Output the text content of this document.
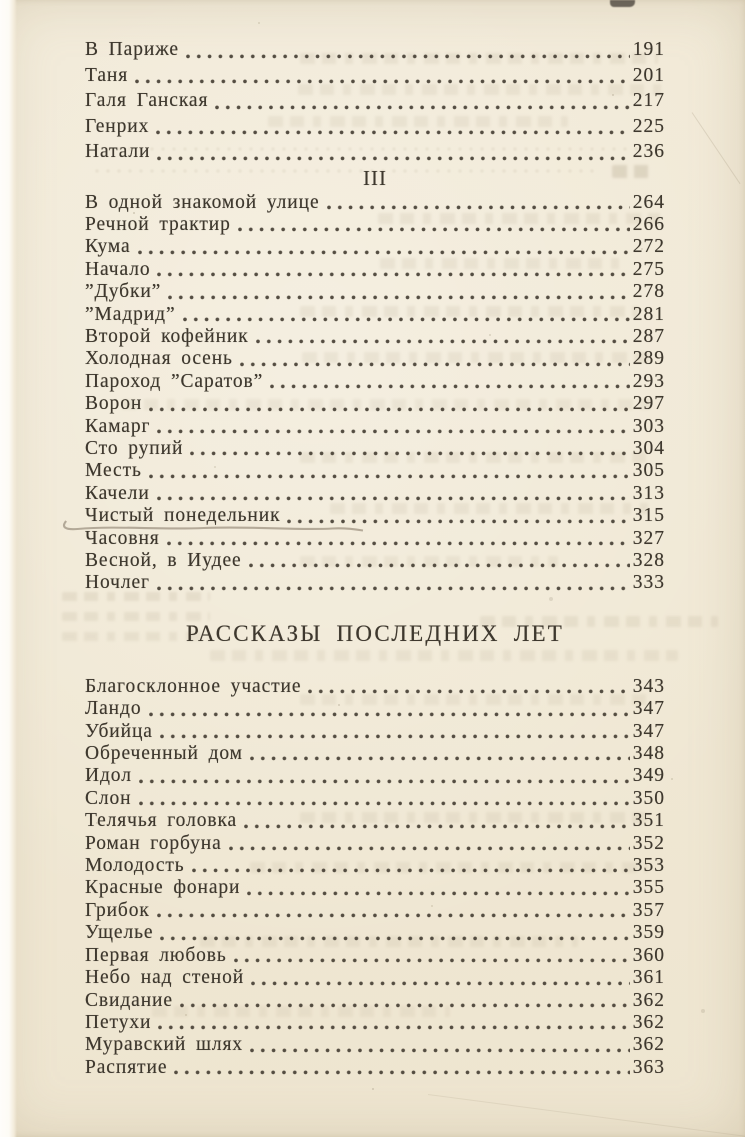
В Париже	191
Таня	201
Галя Ганская	217
Генрих	225
Натали	236
III
В одной знакомой улице	264
Речной трактир	266
Кума	272
Начало	275
”Дубки”	278
”Мадрид”	281
Второй кофейник	287
Холодная осень	289
Пароход ”Саратов”	293
Ворон	297
Камарг	303
Сто рупий	304
Месть	305
Качели	313
Чистый понедельник	315
Часовня	327
Весной, в Иудее	328
Ночлег	333
РАССКАЗЫ ПОСЛЕДНИХ ЛЕТ
Благосклонное участие	343
Ландо	347
Убийца	347
Обреченный дом	348
Идол	349
Слон	350
Телячья головка	351
Роман горбуна	352
Молодость	353
Красные фонари	355
Грибок	357
Ущелье	359
Первая любовь	360
Небо над стеной	361
Свидание	362
Петухи	362
Муравский шлях	362
Распятие	363
